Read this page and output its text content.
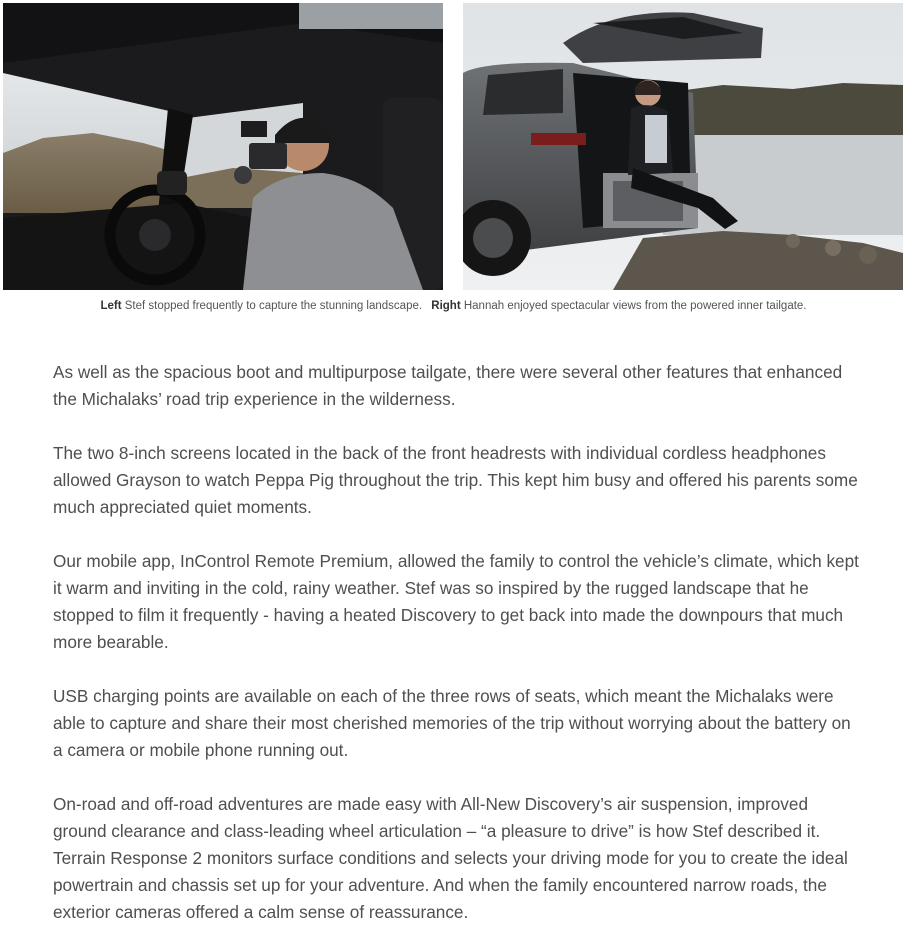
Left Stef stopped frequently to capture the stunning landscape. Right Hannah enjoyed spectacular views from the powered inner tailgate.

As well as the spacious boot and multipurpose tailgate, there were several other features that enhanced the Michalaks’ road trip experience in the wilderness.

The two 8-inch screens located in the back of the front headrests with individual cordless headphones allowed Grayson to watch Peppa Pig throughout the trip. This kept him busy and offered his parents some much appreciated quiet moments.

Our mobile app, InControl Remote Premium, allowed the family to control the vehicle’s climate, which kept it warm and inviting in the cold, rainy weather. Stef was so inspired by the rugged landscape that he stopped to film it frequently - having a heated Discovery to get back into made the downpours that much more bearable.

USB charging points are available on each of the three rows of seats, which meant the Michalaks were able to capture and share their most cherished memories of the trip without worrying about the battery on a camera or mobile phone running out.

On-road and off-road adventures are made easy with All-New Discovery’s air suspension, improved ground clearance and class-leading wheel articulation – “a pleasure to drive” is how Stef described it. Terrain Response 2 monitors surface conditions and selects your driving mode for you to create the ideal powertrain and chassis set up for your adventure. And when the family encountered narrow roads, the exterior cameras offered a calm sense of reassurance.
